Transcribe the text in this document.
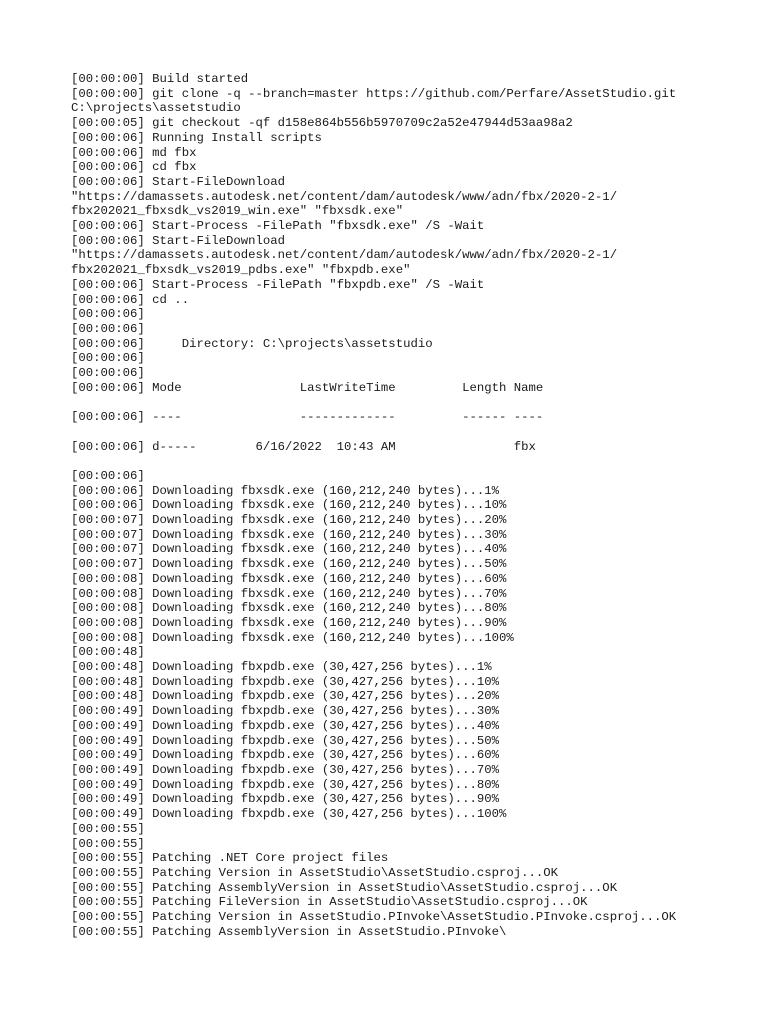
[00:00:00] Build started
[00:00:00] git clone -q --branch=master https://github.com/Perfare/AssetStudio.git
C:\projects\assetstudio
[00:00:05] git checkout -qf d158e864b556b5970709c2a52e47944d53aa98a2
[00:00:06] Running Install scripts
[00:00:06] md fbx
[00:00:06] cd fbx
[00:00:06] Start-FileDownload
"https://damassets.autodesk.net/content/dam/autodesk/www/adn/fbx/2020-2-1/
fbx202021_fbxsdk_vs2019_win.exe" "fbxsdk.exe"
[00:00:06] Start-Process -FilePath "fbxsdk.exe" /S -Wait
[00:00:06] Start-FileDownload
"https://damassets.autodesk.net/content/dam/autodesk/www/adn/fbx/2020-2-1/
fbx202021_fbxsdk_vs2019_pdbs.exe" "fbxpdb.exe"
[00:00:06] Start-Process -FilePath "fbxpdb.exe" /S -Wait
[00:00:06] cd ..
[00:00:06]
[00:00:06]
[00:00:06]     Directory: C:\projects\assetstudio
[00:00:06]
[00:00:06]
[00:00:06] Mode                LastWriteTime         Length Name
[00:00:06] ----                -------------         ------ ----
[00:00:06] d-----        6/16/2022  10:43 AM                fbx
[00:00:06]
[00:00:06] Downloading fbxsdk.exe (160,212,240 bytes)...1%
[00:00:06] Downloading fbxsdk.exe (160,212,240 bytes)...10%
[00:00:07] Downloading fbxsdk.exe (160,212,240 bytes)...20%
[00:00:07] Downloading fbxsdk.exe (160,212,240 bytes)...30%
[00:00:07] Downloading fbxsdk.exe (160,212,240 bytes)...40%
[00:00:07] Downloading fbxsdk.exe (160,212,240 bytes)...50%
[00:00:08] Downloading fbxsdk.exe (160,212,240 bytes)...60%
[00:00:08] Downloading fbxsdk.exe (160,212,240 bytes)...70%
[00:00:08] Downloading fbxsdk.exe (160,212,240 bytes)...80%
[00:00:08] Downloading fbxsdk.exe (160,212,240 bytes)...90%
[00:00:08] Downloading fbxsdk.exe (160,212,240 bytes)...100%
[00:00:48]
[00:00:48] Downloading fbxpdb.exe (30,427,256 bytes)...1%
[00:00:48] Downloading fbxpdb.exe (30,427,256 bytes)...10%
[00:00:48] Downloading fbxpdb.exe (30,427,256 bytes)...20%
[00:00:49] Downloading fbxpdb.exe (30,427,256 bytes)...30%
[00:00:49] Downloading fbxpdb.exe (30,427,256 bytes)...40%
[00:00:49] Downloading fbxpdb.exe (30,427,256 bytes)...50%
[00:00:49] Downloading fbxpdb.exe (30,427,256 bytes)...60%
[00:00:49] Downloading fbxpdb.exe (30,427,256 bytes)...70%
[00:00:49] Downloading fbxpdb.exe (30,427,256 bytes)...80%
[00:00:49] Downloading fbxpdb.exe (30,427,256 bytes)...90%
[00:00:49] Downloading fbxpdb.exe (30,427,256 bytes)...100%
[00:00:55]
[00:00:55]
[00:00:55] Patching .NET Core project files
[00:00:55] Patching Version in AssetStudio\AssetStudio.csproj...OK
[00:00:55] Patching AssemblyVersion in AssetStudio\AssetStudio.csproj...OK
[00:00:55] Patching FileVersion in AssetStudio\AssetStudio.csproj...OK
[00:00:55] Patching Version in AssetStudio.PInvoke\AssetStudio.PInvoke.csproj...OK
[00:00:55] Patching AssemblyVersion in AssetStudio.PInvoke\
